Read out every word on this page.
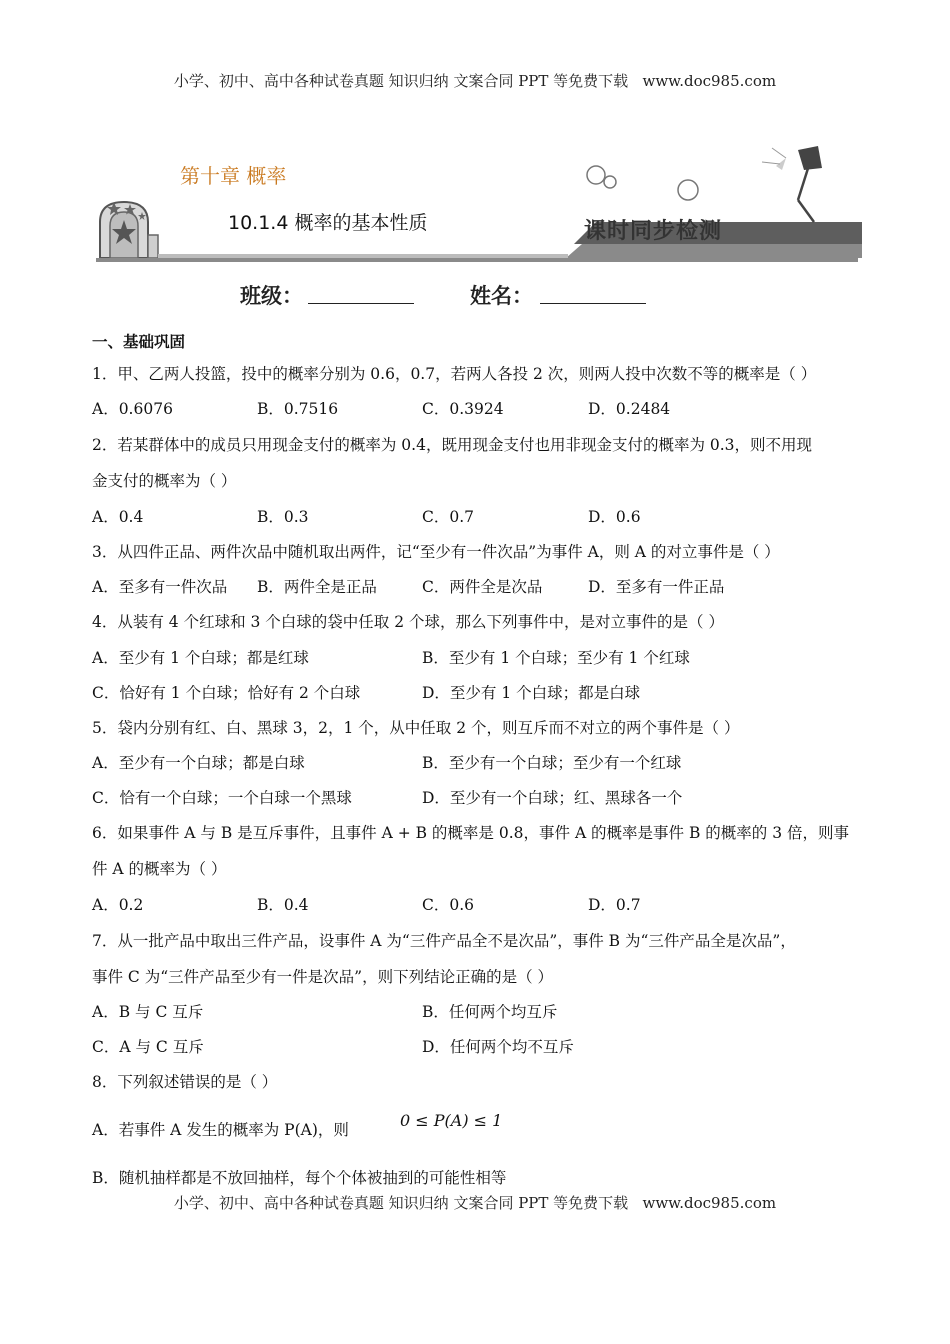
小学、初中、高中各种试卷真题 知识归纳 文案合同 PPT 等免费下载   www.doc985.com
第十章 概率
10.1.4 概率的基本性质	课时同步检测
班级：	姓名：
一、基础巩固
1．甲、乙两人投篮，投中的概率分别为 0.6，0.7，若两人各投 2 次，则两人投中次数不等的概率是（ ）
A．0.6076	B．0.7516	C．0.3924	D．0.2484
2．若某群体中的成员只用现金支付的概率为 0.4，既用现金支付也用非现金支付的概率为 0.3，则不用现
金支付的概率为（ ）
A．0.4	B．0.3	C．0.7	D．0.6
3．从四件正品、两件次品中随机取出两件，记“至少有一件次品”为事件 A，则 A 的对立事件是（ ）
A．至多有一件次品 B．两件全是正品	C．两件全是次品	D．至多有一件正品
4．从装有 4 个红球和 3 个白球的袋中任取 2 个球，那么下列事件中，是对立事件的是（ ）
A．至少有 1 个白球；都是红球	B．至少有 1 个白球；至少有 1 个红球
C．恰好有 1 个白球；恰好有 2 个白球	D．至少有 1 个白球；都是白球
5．袋内分别有红、白、黑球 3，2，1 个，从中任取 2 个，则互斥而不对立的两个事件是（ ）
A．至少有一个白球；都是白球	B．至少有一个白球；至少有一个红球
C．恰有一个白球；一个白球一个黑球	D．至少有一个白球；红、黑球各一个
6．如果事件 A 与 B 是互斥事件，且事件 A + B 的概率是 0.8，事件 A 的概率是事件 B 的概率的 3 倍，则事
件 A 的概率为（ ）
A．0.2	B．0.4	C．0.6	D．0.7
7．从一批产品中取出三件产品，设事件 A 为“三件产品全不是次品”，事件 B 为“三件产品全是次品”，
事件 C 为“三件产品至少有一件是次品”，则下列结论正确的是（ ）
A．B 与 C 互斥	B．任何两个均互斥
C．A 与 C 互斥	D．任何两个均不互斥
8．下列叙述错误的是（ ）
A．若事件 A 发生的概率为 P(A)，则	0 ≤ P(A) ≤ 1
B．随机抽样都是不放回抽样，每个个体被抽到的可能性相等
小学、初中、高中各种试卷真题 知识归纳 文案合同 PPT 等免费下载   www.doc985.com
